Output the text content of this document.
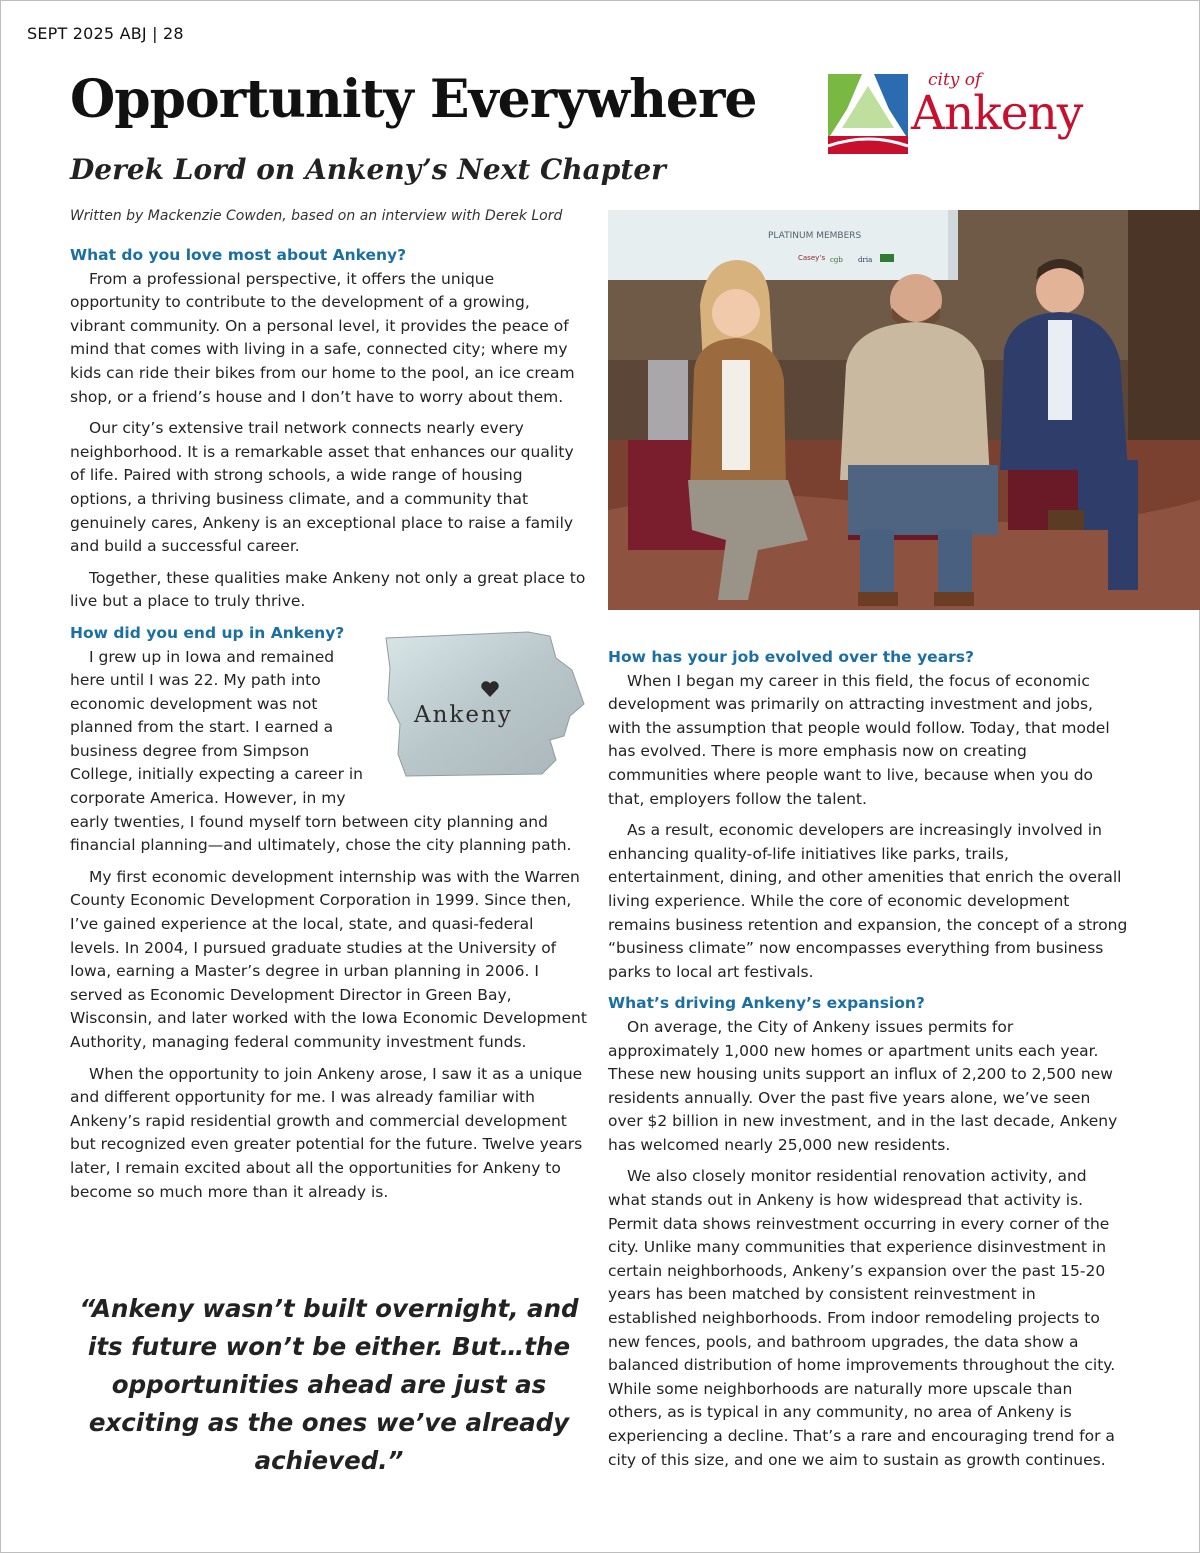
SEPT 2025 ABJ | 28
Opportunity Everywhere
Derek Lord on Ankeny’s Next Chapter
Written by Mackenzie Cowden, based on an interview with Derek Lord
city of
Ankeny
PLATINUM MEMBERS
Casey’s cgb dria
What do you love most about Ankeny?

From a professional perspective, it offers the unique opportunity to contribute to the development of a growing, vibrant community. On a personal level, it provides the peace of mind that comes with living in a safe, connected city; where my kids can ride their bikes from our home to the pool, an ice cream shop, or a friend’s house and I don’t have to worry about them.

Our city’s extensive trail network connects nearly every neighborhood. It is a remarkable asset that enhances our quality of life. Paired with strong schools, a wide range of housing options, a thriving business climate, and a community that genuinely cares, Ankeny is an exceptional place to raise a family and build a successful career.

Together, these qualities make Ankeny not only a great place to live but a place to truly thrive.

Ankeny
How did you end up in Ankeny?

I grew up in Iowa and remained here until I was 22. My path into economic development was not planned from the start. I earned a business degree from Simpson College, initially expecting a career in corporate America. However, in my early twenties, I found myself torn between city planning and financial planning—and ultimately, chose the city planning path.

My first economic development internship was with the Warren County Economic Development Corporation in 1999. Since then, I’ve gained experience at the local, state, and quasi-federal levels. In 2004, I pursued graduate studies at the University of Iowa, earning a Master’s degree in urban planning in 2006. I served as Economic Development Director in Green Bay, Wisconsin, and later worked with the Iowa Economic Development Authority, managing federal community investment funds.

When the opportunity to join Ankeny arose, I saw it as a unique and different opportunity for me. I was already familiar with Ankeny’s rapid residential growth and commercial development but recognized even greater potential for the future. Twelve years later, I remain excited about all the opportunities for Ankeny to become so much more than it already is.

“Ankeny wasn’t built overnight, and its future won’t be either. But…the opportunities ahead are just as exciting as the ones we’ve already achieved.”
How has your job evolved over the years?

When I began my career in this field, the focus of economic development was primarily on attracting investment and jobs, with the assumption that people would follow. Today, that model has evolved. There is more emphasis now on creating communities where people want to live, because when you do that, employers follow the talent.

As a result, economic developers are increasingly involved in enhancing quality-of-life initiatives like parks, trails, entertainment, dining, and other amenities that enrich the overall living experience. While the core of economic development remains business retention and expansion, the concept of a strong “business climate” now encompasses everything from business parks to local art festivals.

What’s driving Ankeny’s expansion?

On average, the City of Ankeny issues permits for approximately 1,000 new homes or apartment units each year. These new housing units support an influx of 2,200 to 2,500 new residents annually. Over the past five years alone, we’ve seen over $2 billion in new investment, and in the last decade, Ankeny has welcomed nearly 25,000 new residents.

We also closely monitor residential renovation activity, and what stands out in Ankeny is how widespread that activity is. Permit data shows reinvestment occurring in every corner of the city. Unlike many communities that experience disinvestment in certain neighborhoods, Ankeny’s expansion over the past 15-20 years has been matched by consistent reinvestment in established neighborhoods. From indoor remodeling projects to new fences, pools, and bathroom upgrades, the data show a balanced distribution of home improvements throughout the city. While some neighborhoods are naturally more upscale than others, as is typical in any community, no area of Ankeny is experiencing a decline. That’s a rare and encouraging trend for a city of this size, and one we aim to sustain as growth continues.
